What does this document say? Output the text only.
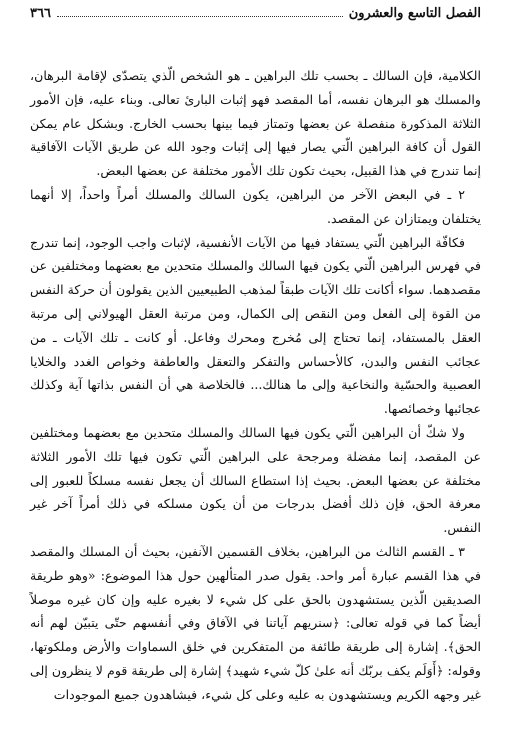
٣٦٦	الفصل التاسع والعشرون

الكلامية، فإن السالك ـ بحسب تلك البراهين ـ هو الشخص الّذي يتصدّى لإقامة البرهان، والمسلك هو البرهان نفسه، أما المقصد فهو إثبات البارئ تعالى. وبناء عليه، فإن الأمور الثلاثة المذكورة منفصلة عن بعضها وتمتاز فيما بينها بحسب الخارج. وبشكل عام يمكن القول أن كافة البراهين الّتي يصار فيها إلى إثبات وجود الله عن طريق الآيات الآفاقية إنما تندرج في هذا القبيل، بحيث تكون تلك الأمور مختلفة عن بعضها البعض.

٢ ـ في البعض الآخر من البراهين، يكون السالك والمسلك أمراً واحداً، إلا أنهما يختلفان ويمتازان عن المقصد.

فكافّة البراهين الّتي يستفاد فيها من الآيات الأنفسية، لإثبات واجب الوجود، إنما تندرج في فهرس البراهين الّتي يكون فيها السالك والمسلك متحدين مع بعضهما ومختلفين عن مقصدهما. سواء أكانت تلك الآيات طبقاً لمذهب الطبيعيين الذين يقولون أن حركة النفس من القوة إلى الفعل ومن النقص إلى الكمال، ومن مرتبة العقل الهيولاني إلى مرتبة العقل بالمستفاد، إنما تحتاج إلى مُخرج ومحرك وفاعل. أو كانت ـ تلك الآيات ـ من عجائب النفس والبدن، كالأحساس والتفكر والتعقل والعاطفة وخواص الغدد والخلايا العصبية والحسّية والنخاعية وإلى ما هنالك... فالخلاصة هي أن النفس بذاتها آية وكذلك عجائبها وخصائصها.

ولا شكّ أن البراهين الّتي يكون فيها السالك والمسلك متحدين مع بعضهما ومختلفين عن المقصد، إنما مفضلة ومرجحة على البراهين الّتي تكون فيها تلك الأمور الثلاثة مختلفة عن بعضها البعض. بحيث إذا استطاع السالك أن يجعل نفسه مسلكاً للعبور إلى معرفة الحق، فإن ذلك أفضل بدرجات من أن يكون مسلكه في ذلك أمراً آخر غير النفس.

٣ ـ القسم الثالث من البراهين، بخلاف القسمين الآنفين، بحيث أن المسلك والمقصد في هذا القسم عبارة أمر واحد. يقول صدر المتألهين حول هذا الموضوع: «وهو طريقة الصديقين الّذين يستشهدون بالحق على كل شيء لا بغيره عليه وإن كان غيره موصلاً أيضاً كما في قوله تعالى: ﴿سنريهم آياتنا في الآفاق وفي أنفسهم حتّى يتبيّن لهم أنه الحق﴾. إشارة إلى طريقة طائفة من المتفكرين في خلق السماوات والأرض وملكوتها، وقوله: ﴿أَوَلَم يكف بربّك أنه علىٰ كلّ شيء شهيد﴾ إشارة إلى طريقة قوم لا ينظرون إلى غير وجهه الكريم ويستشهدون به عليه وعلى كل شيء، فيشاهدون جميع الموجودات
